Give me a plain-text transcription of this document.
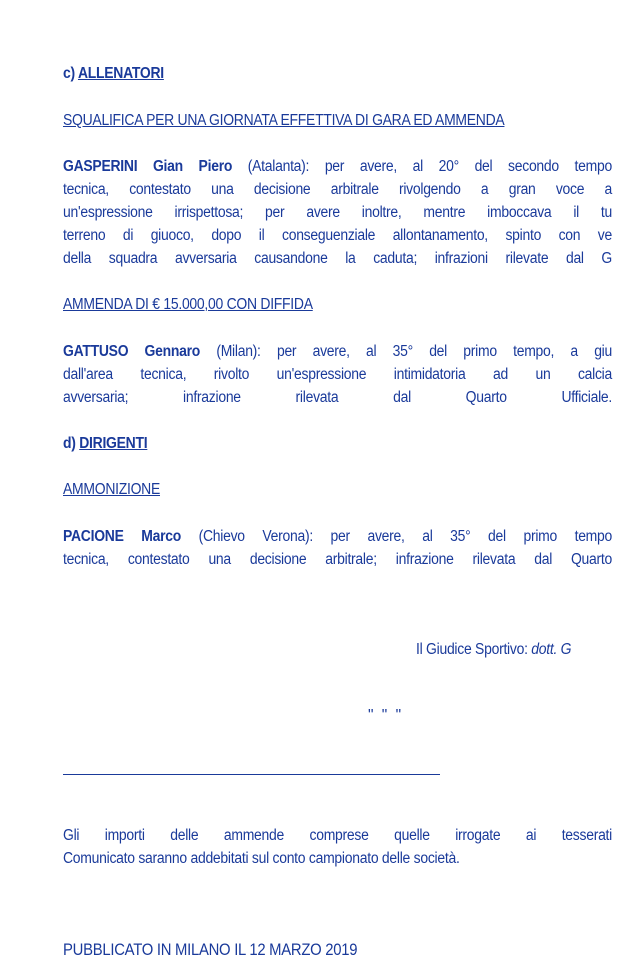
c) ALLENATORI
SQUALIFICA PER UNA GIORNATA EFFETTIVA DI GARA ED AMMENDA
GASPERINI Gian Piero (Atalanta): per avere, al 20° del secondo tempo
tecnica, contestato una decisione arbitrale rivolgendo a gran voce a
un'espressione irrispettosa; per avere inoltre, mentre imboccava il tu
terreno di giuoco, dopo il conseguenziale allontanamento, spinto con ve
della squadra avversaria causandone la caduta; infrazioni rilevate dal G
AMMENDA DI € 15.000,00 CON DIFFIDA
GATTUSO Gennaro (Milan): per avere, al 35° del primo tempo, a giu
dall'area tecnica, rivolto un'espressione intimidatoria ad un calcia
avversaria; infrazione rilevata dal Quarto Ufficiale.
d) DIRIGENTI
AMMONIZIONE
PACIONE Marco (Chievo Verona): per avere, al 35° del primo tempo
tecnica, contestato una decisione arbitrale; infrazione rilevata dal Quarto
Il Giudice Sportivo: dott. G
" " "
Gli importi delle ammende comprese quelle irrogate ai tesserati
Comunicato saranno addebitati sul conto campionato delle società.
PUBBLICATO IN MILANO IL 12 MARZO 2019
